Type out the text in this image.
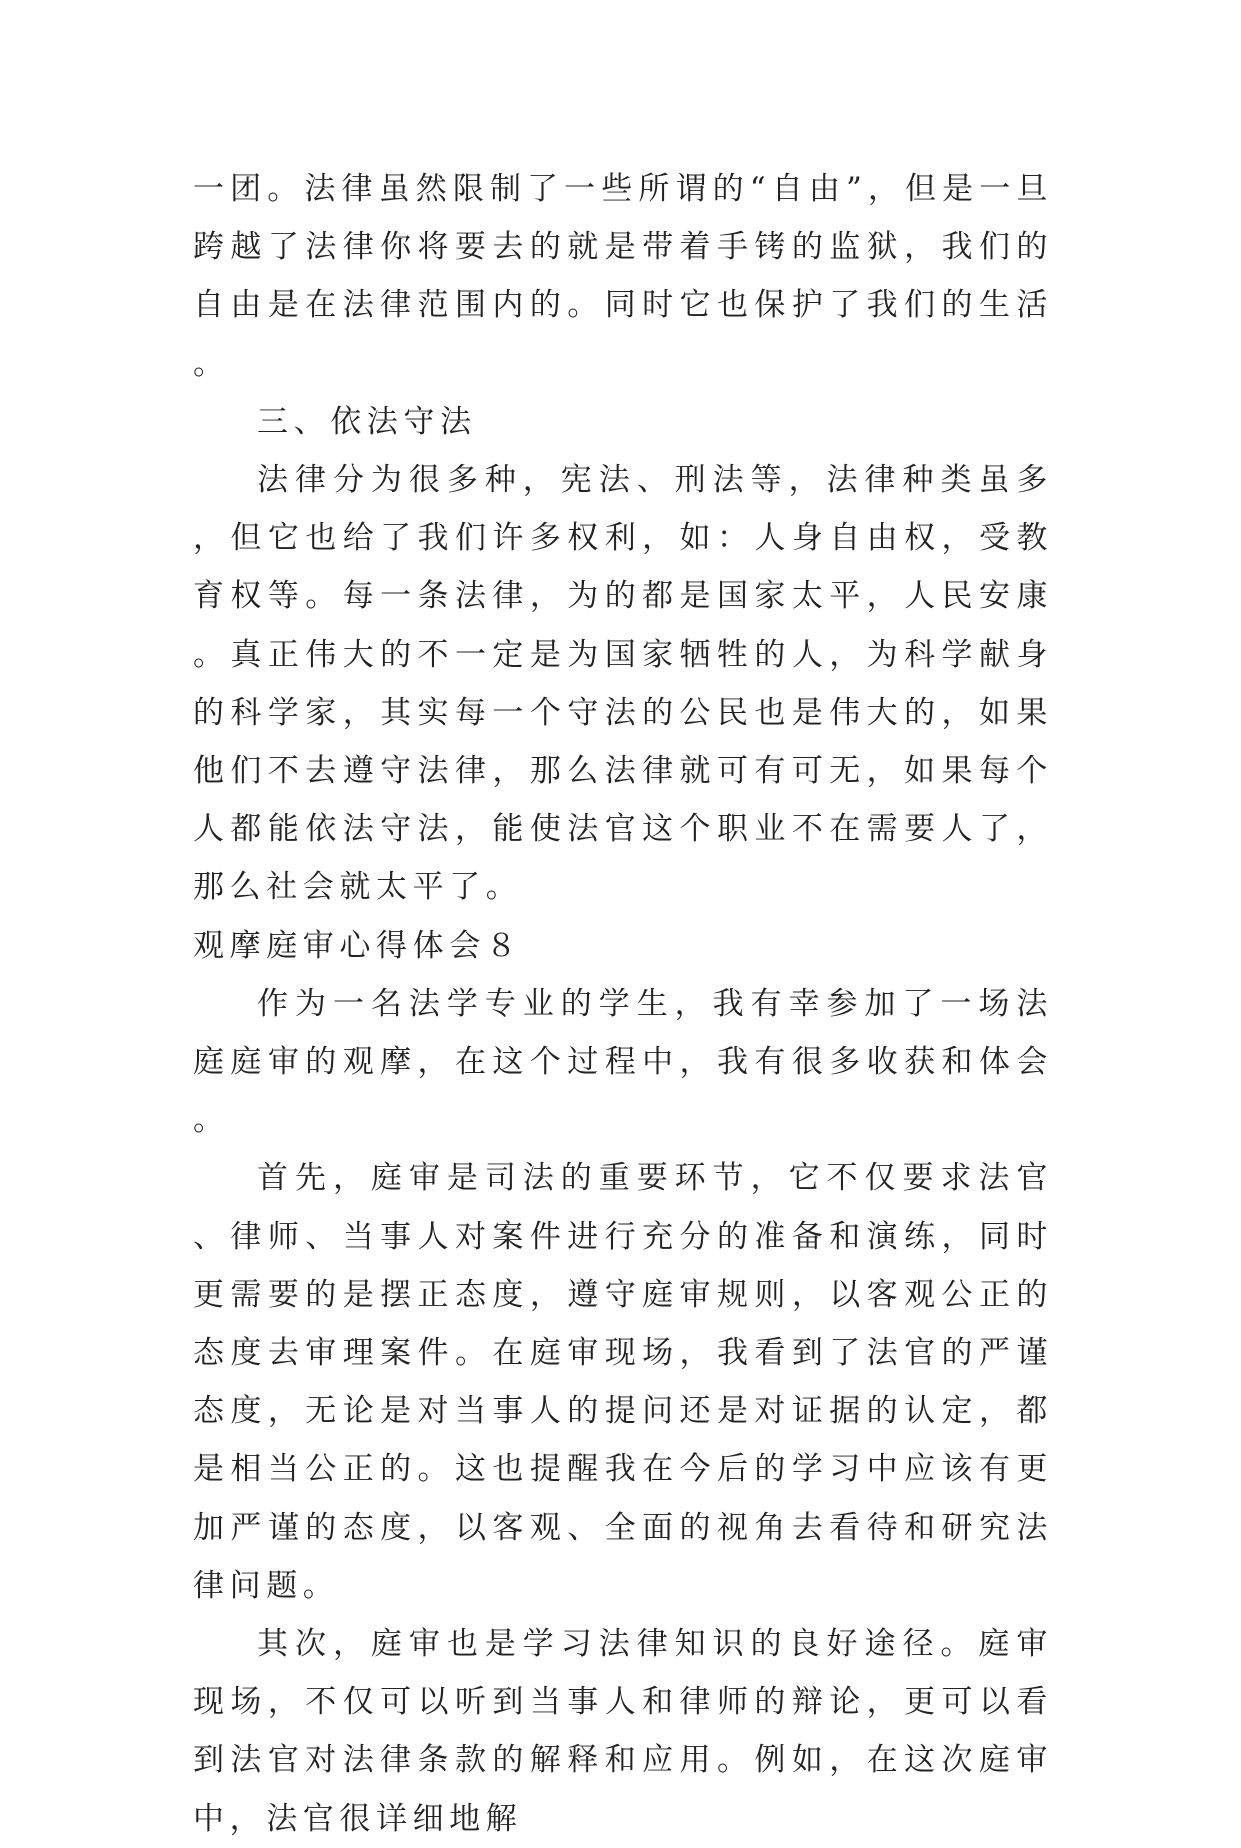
一团。法律虽然限制了一些所谓的“自由”，但是一旦跨越了法律你将要去的就是带着手铐的监狱，我们的自由是在法律范围内的。同时它也保护了我们的生活。

三、依法守法

法律分为很多种，宪法、刑法等，法律种类虽多，但它也给了我们许多权利，如：人身自由权，受教育权等。每一条法律，为的都是国家太平，人民安康。真正伟大的不一定是为国家牺牲的人，为科学献身的科学家，其实每一个守法的公民也是伟大的，如果他们不去遵守法律，那么法律就可有可无，如果每个人都能依法守法，能使法官这个职业不在需要人了，那么社会就太平了。

观摩庭审心得体会８

作为一名法学专业的学生，我有幸参加了一场法庭庭审的观摩，在这个过程中，我有很多收获和体会。

首先，庭审是司法的重要环节，它不仅要求法官、律师、当事人对案件进行充分的准备和演练，同时更需要的是摆正态度，遵守庭审规则，以客观公正的态度去审理案件。在庭审现场，我看到了法官的严谨态度，无论是对当事人的提问还是对证据的认定，都是相当公正的。这也提醒我在今后的学习中应该有更加严谨的态度，以客观、全面的视角去看待和研究法律问题。

其次，庭审也是学习法律知识的良好途径。庭审现场，不仅可以听到当事人和律师的辩论，更可以看到法官对法律条款的解释和应用。例如，在这次庭审中，法官很详细地解
